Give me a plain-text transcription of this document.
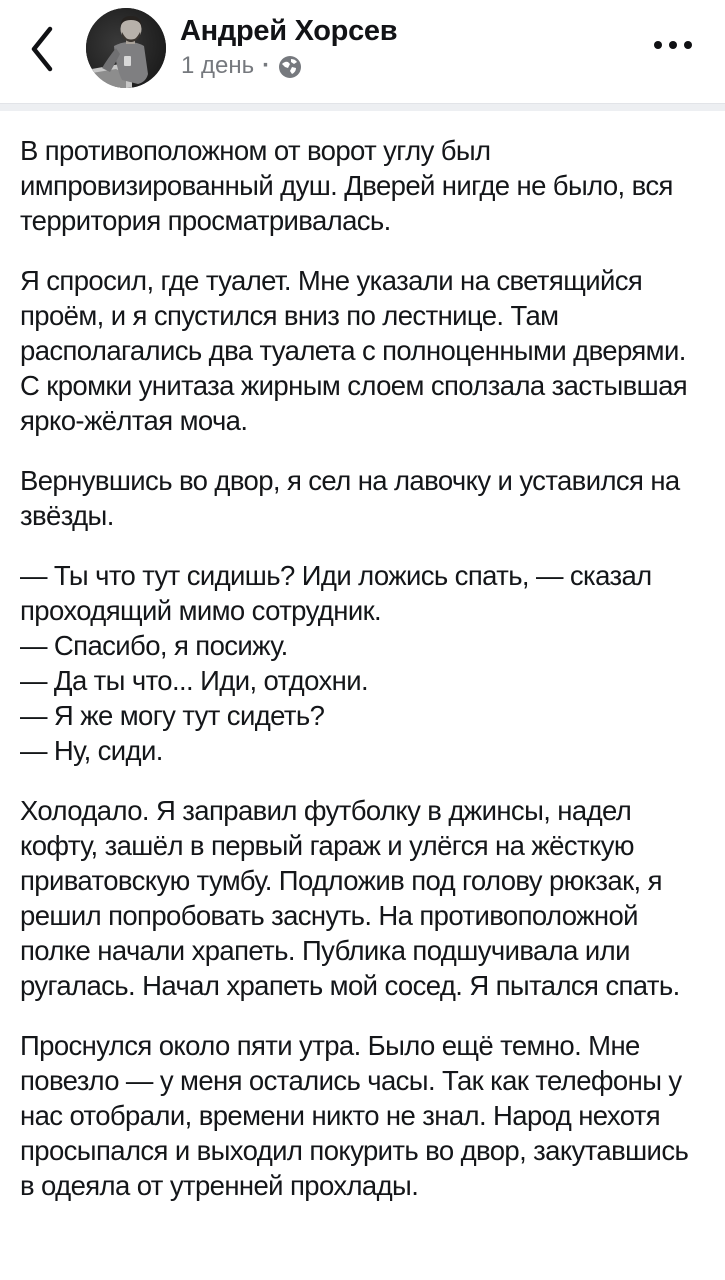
Андрей Хорсев
1 день ·

В противоположном от ворот углу был импровизированный душ. Дверей нигде не было, вся территория просматривалась.

Я спросил, где туалет. Мне указали на светящийся проём, и я спустился вниз по лестнице. Там располагались два туалета с полноценными дверями. С кромки унитаза жирным слоем сползала застывшая ярко-жёлтая моча.

Вернувшись во двор, я сел на лавочку и уставился на звёзды.

— Ты что тут сидишь? Иди ложись спать, — сказал проходящий мимо сотрудник.
— Спасибо, я посижу.
— Да ты что... Иди, отдохни.
— Я же могу тут сидеть?
— Ну, сиди.

Холодало. Я заправил футболку в джинсы, надел кофту, зашёл в первый гараж и улёгся на жёсткую приватовскую тумбу. Подложив под голову рюкзак, я решил попробовать заснуть. На противоположной полке начали храпеть. Публика подшучивала или ругалась. Начал храпеть мой сосед. Я пытался спать.

Проснулся около пяти утра. Было ещё темно. Мне повезло — у меня остались часы. Так как телефоны у нас отобрали, времени никто не знал. Народ нехотя просыпался и выходил покурить во двор, закутавшись в одеяла от утренней прохлады.
